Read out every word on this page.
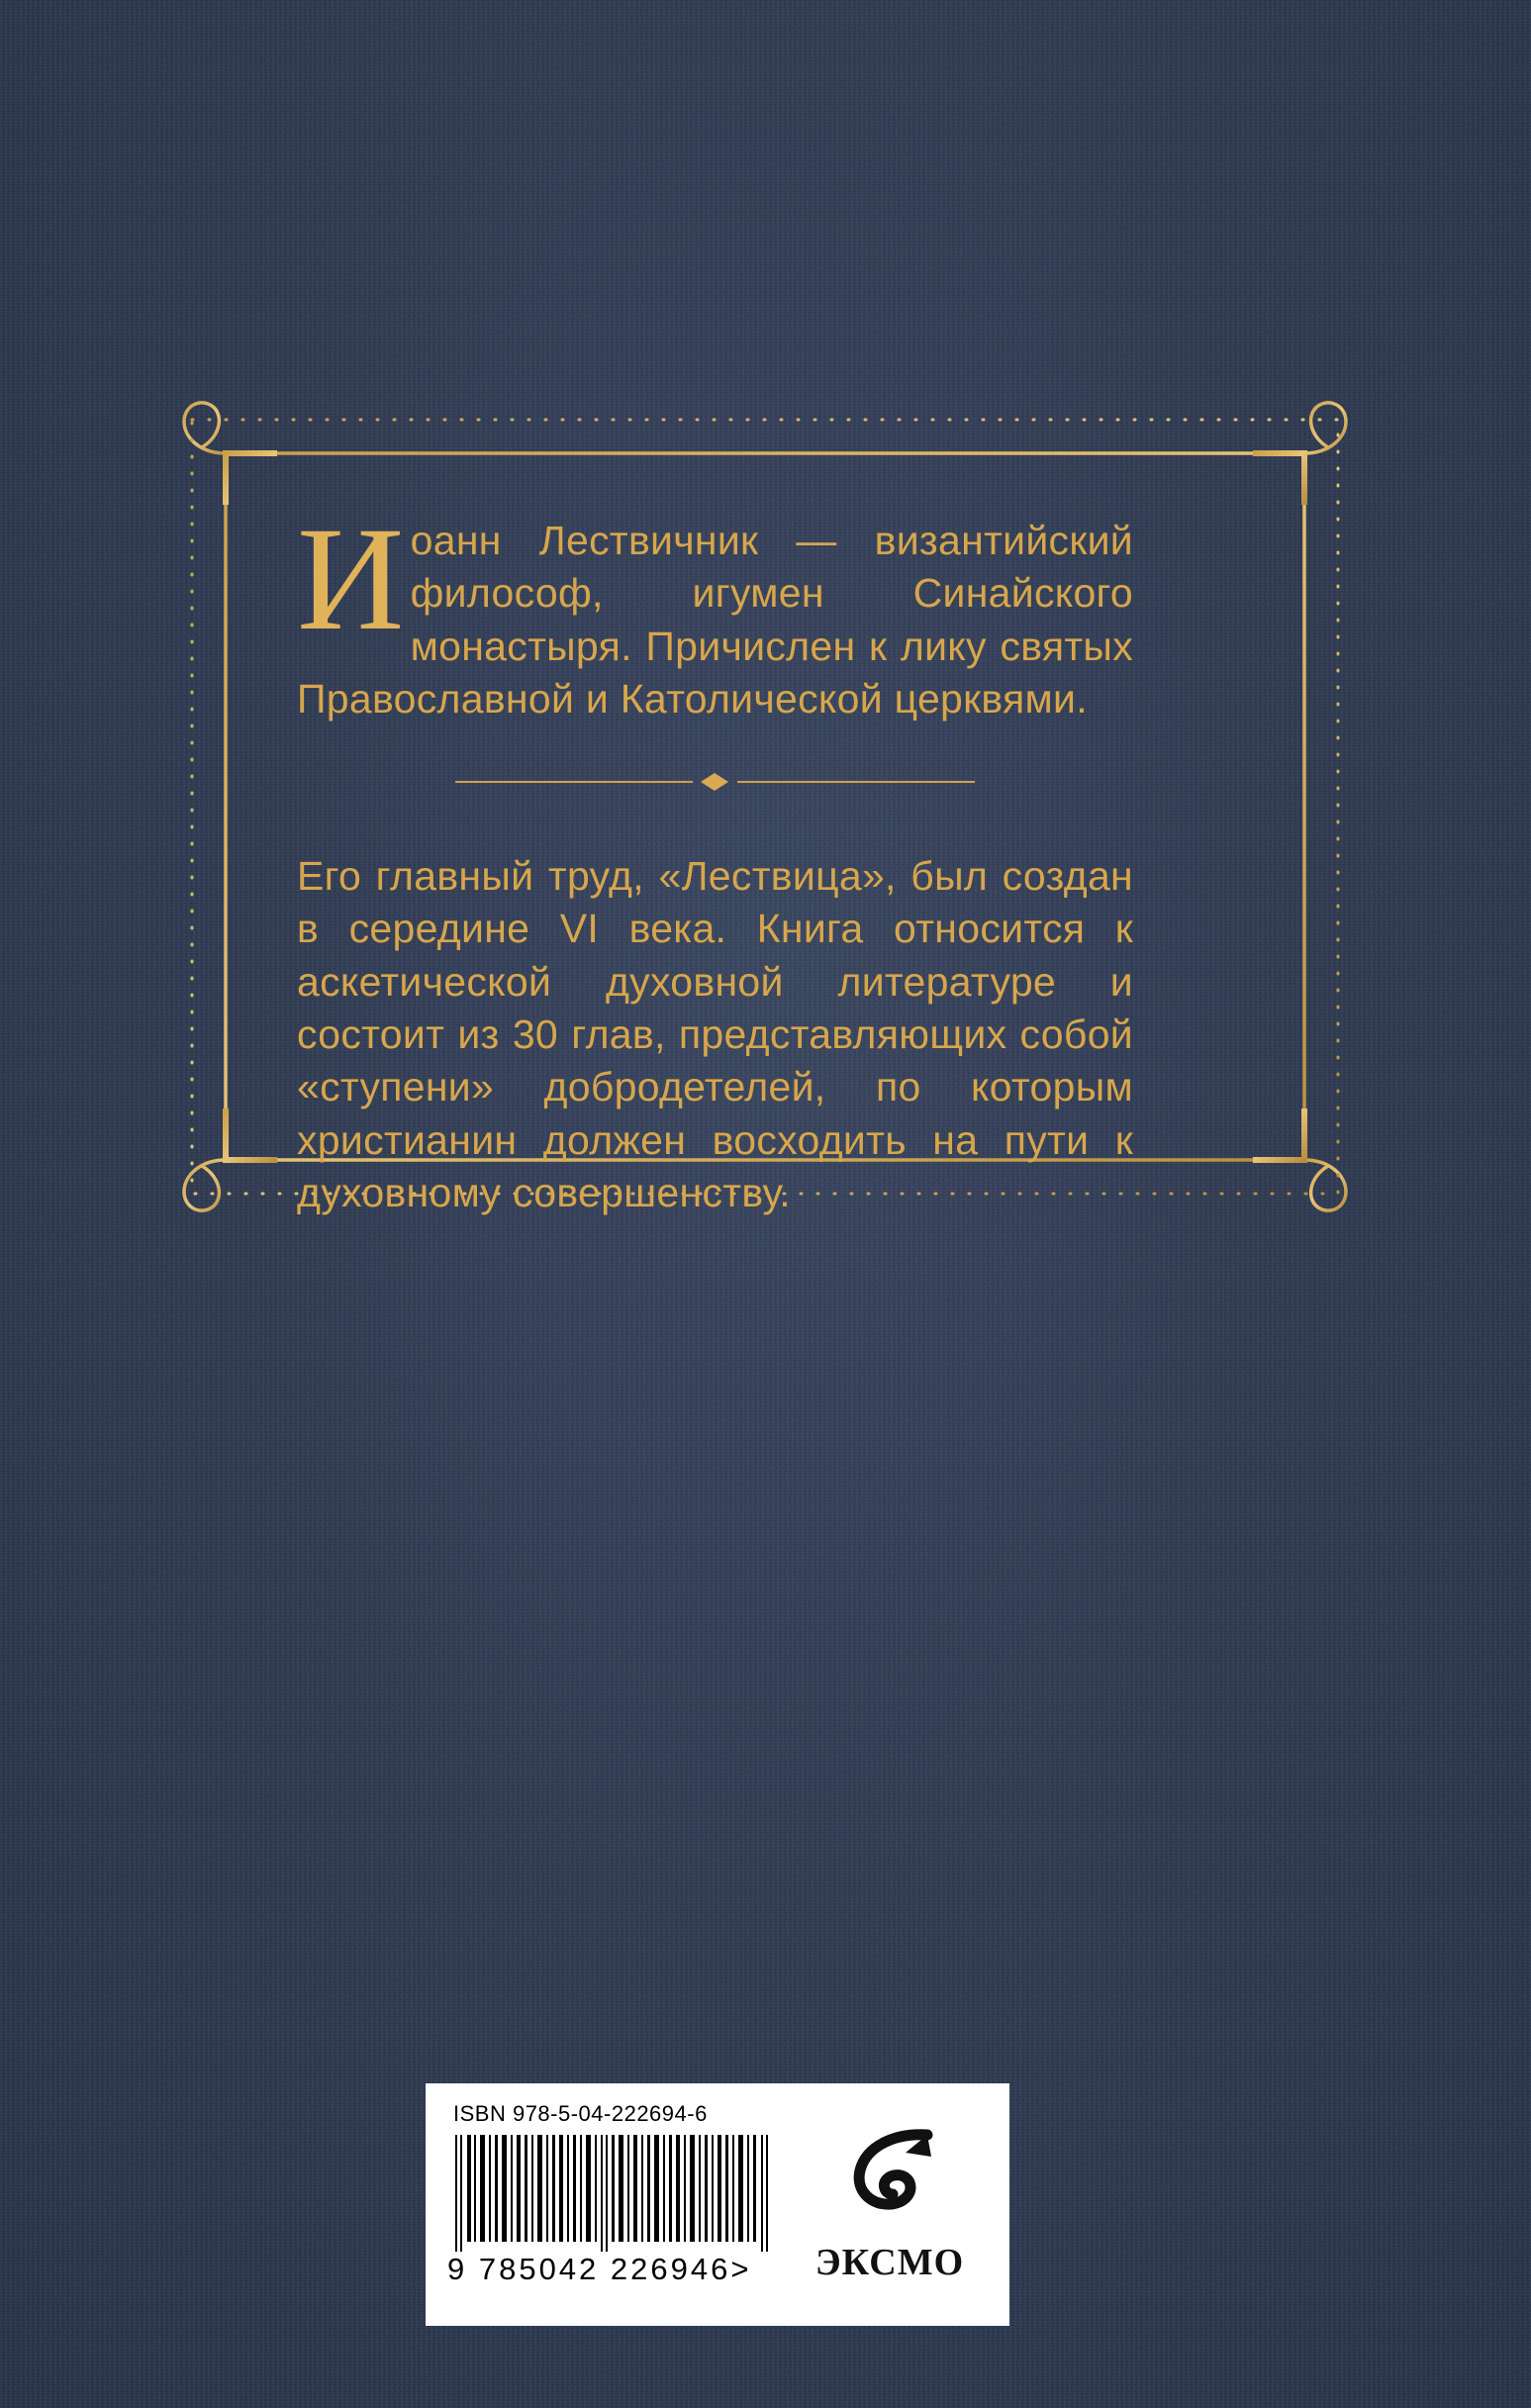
Иоанн Лествичник — византийский философ, игумен Синайского монастыря. Причислен к лику святых Православной и Католической церквями.
Его главный труд, «Лествица», был создан в середине VI века. Книга относится к аскетической духовной литературе и состоит из 30 глав, представляющих собой «ступени» добродетелей, по которым христианин должен восходить на пути к духовному совершенству.
ISBN 978-5-04-222694-6
9 785042 226946>	ЭКСМО
